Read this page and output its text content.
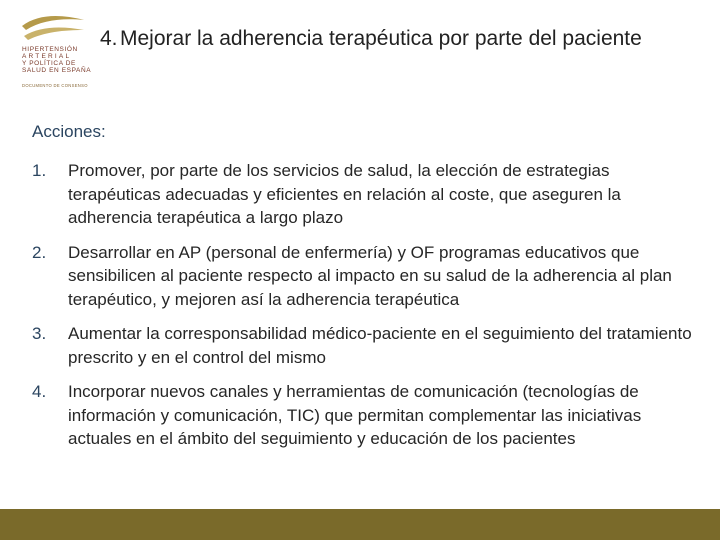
HIPERTENSIÓN
ARTERIAL
Y POLÍTICA DE
SALUD EN ESPAÑA
DOCUMENTO DE CONSENSO
4. Mejorar la adherencia terapéutica por parte del paciente
Acciones:
1.	Promover, por parte de los servicios de salud, la elección de estrategias terapéuticas adecuadas y eficientes en relación al coste, que aseguren la adherencia terapéutica a largo plazo
2.	Desarrollar en AP (personal de enfermería) y OF programas educativos que sensibilicen al paciente respecto al impacto en su salud de la adherencia al plan terapéutico, y mejoren así la adherencia terapéutica
3.	Aumentar la corresponsabilidad médico-paciente en el seguimiento del tratamiento prescrito y en el control del mismo
4.	Incorporar nuevos canales y herramientas de comunicación (tecnologías de información y comunicación, TIC) que permitan complementar las iniciativas actuales en el ámbito del seguimiento y educación de los pacientes
